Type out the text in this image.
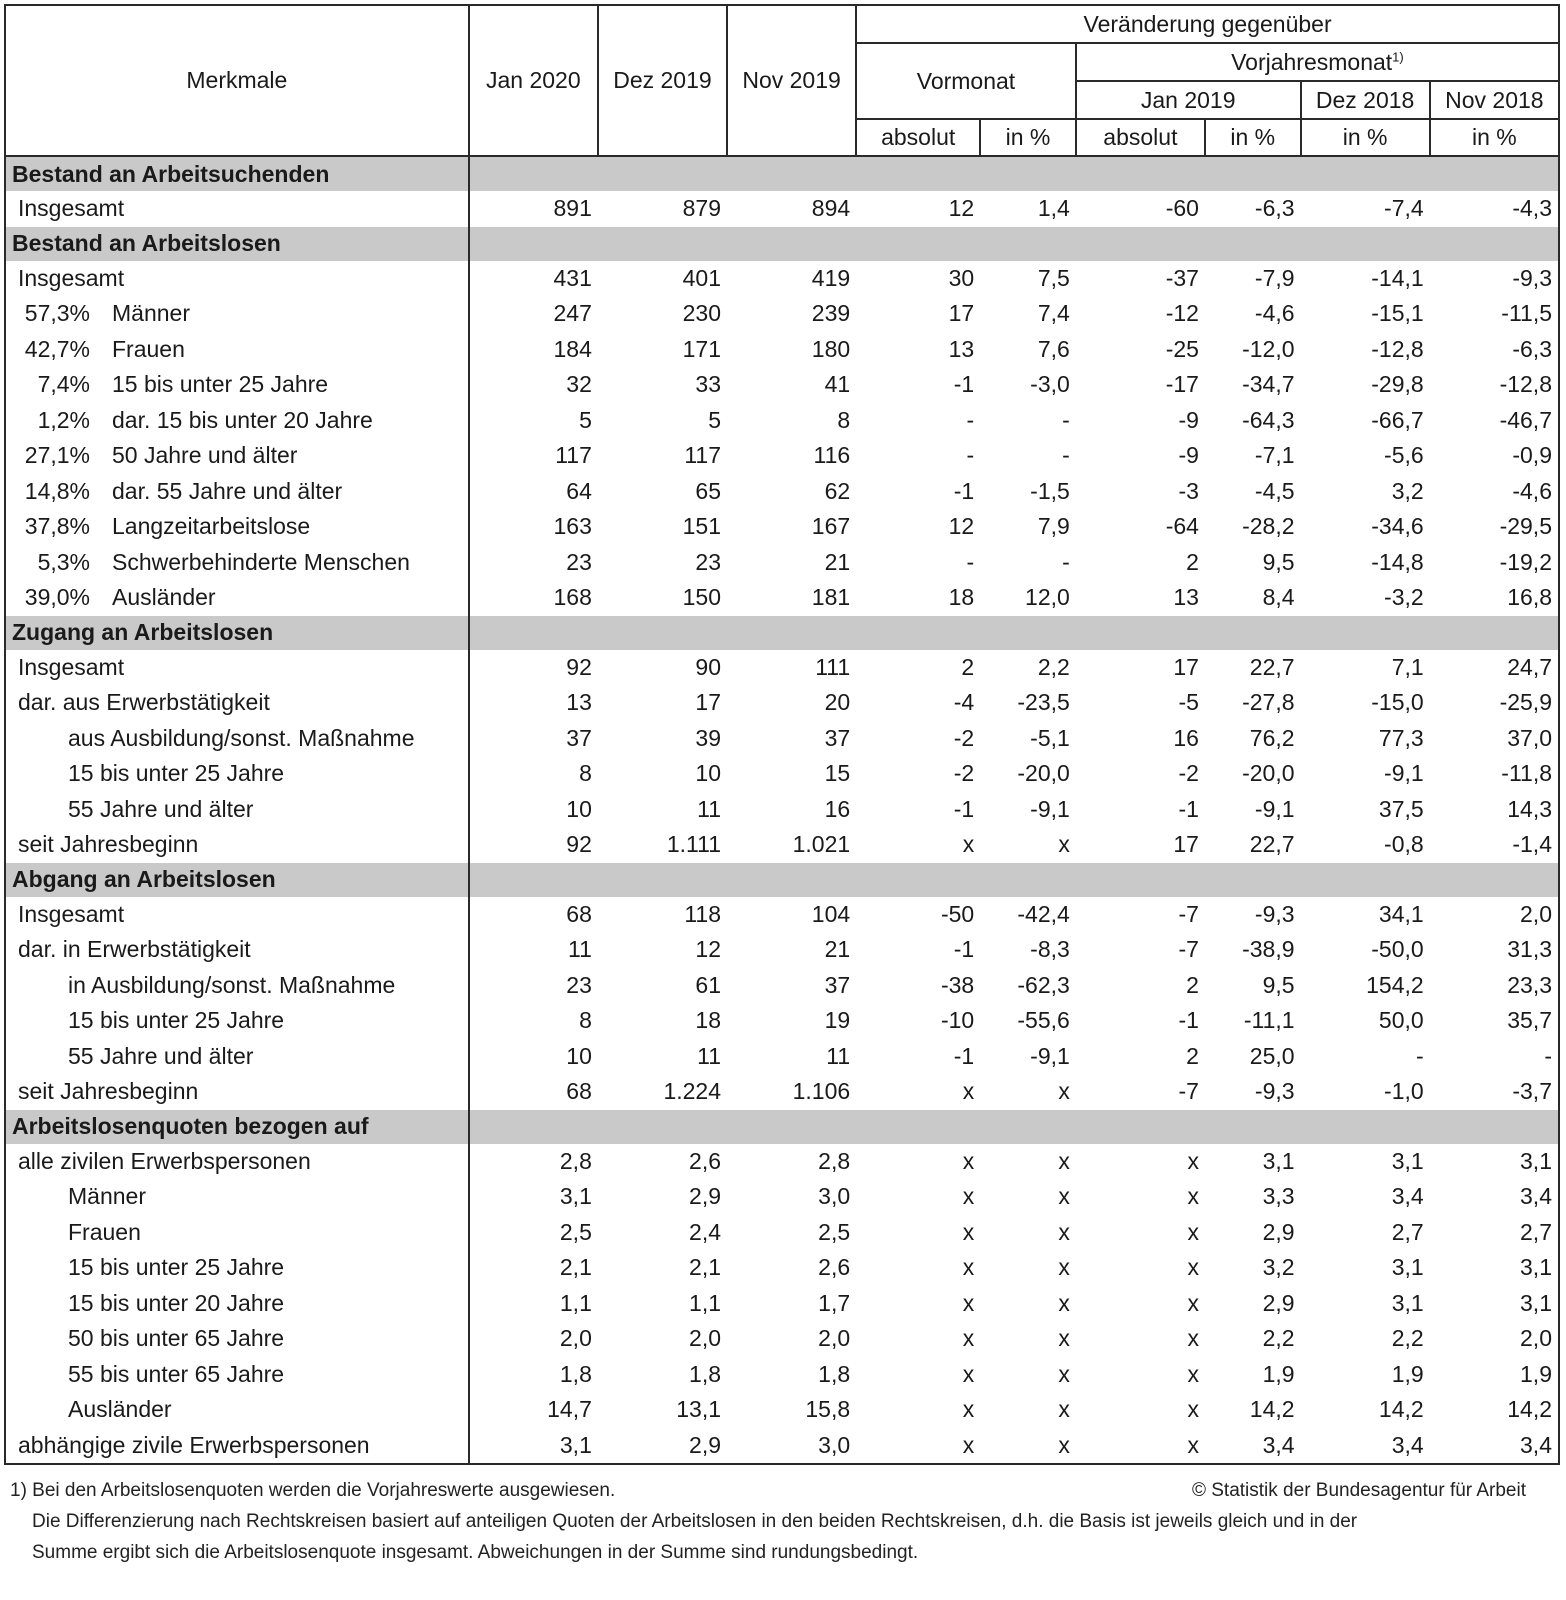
Merkmale	Jan 2020	Dez 2019	Nov 2019	Veränderung gegenüber					
				Vormonat		Vorjahresmonat$^{1)}$
						Jan 2019		Dez 2018	Nov 2018
				absolut	in %	absolut	in %	in %	in %
Bestand an Arbeitsuchenden									
Insgesamt	891	879	894	12	1,4	-60	-6,3	-7,4	-4,3
Bestand an Arbeitslosen									
Insgesamt	431	401	419	30	7,5	-37	-7,9	-14,1	-9,3
57,3% Männer	247	230	239	17	7,4	-12	-4,6	-15,1	-11,5
42,7% Frauen	184	171	180	13	7,6	-25	-12,0	-12,8	-6,3
7,4% 15 bis unter 25 Jahre	32	33	41	-1	-3,0	-17	-34,7	-29,8	-12,8
1,2% dar. 15 bis unter 20 Jahre	5	5	8	-	-	-9	-64,3	-66,7	-46,7
27,1% 50 Jahre und älter	117	117	116	-	-	-9	-7,1	-5,6	-0,9
14,8% dar. 55 Jahre und älter	64	65	62	-1	-1,5	-3	-4,5	3,2	-4,6
37,8% Langzeitarbeitslose	163	151	167	12	7,9	-64	-28,2	-34,6	-29,5
5,3% Schwerbehinderte Menschen	23	23	21	-	-	2	9,5	-14,8	-19,2
39,0% Ausländer	168	150	181	18	12,0	13	8,4	-3,2	16,8
Zugang an Arbeitslosen									
Insgesamt	92	90	111	2	2,2	17	22,7	7,1	24,7
dar. aus Erwerbstätigkeit	13	17	20	-4	-23,5	-5	-27,8	-15,0	-25,9
aus Ausbildung/sonst. Maßnahme	37	39	37	-2	-5,1	16	76,2	77,3	37,0
15 bis unter 25 Jahre	8	10	15	-2	-20,0	-2	-20,0	-9,1	-11,8
55 Jahre und älter	10	11	16	-1	-9,1	-1	-9,1	37,5	14,3
seit Jahresbeginn	92	1.111	1.021	x	x	17	22,7	-0,8	-1,4
Abgang an Arbeitslosen									
Insgesamt	68	118	104	-50	-42,4	-7	-9,3	34,1	2,0
dar. in Erwerbstätigkeit	11	12	21	-1	-8,3	-7	-38,9	-50,0	31,3
in Ausbildung/sonst. Maßnahme	23	61	37	-38	-62,3	2	9,5	154,2	23,3
15 bis unter 25 Jahre	8	18	19	-10	-55,6	-1	-11,1	50,0	35,7
55 Jahre und älter	10	11	11	-1	-9,1	2	25,0	-	-
seit Jahresbeginn	68	1.224	1.106	x	x	-7	-9,3	-1,0	-3,7
Arbeitslosenquoten bezogen auf									
alle zivilen Erwerbspersonen	2,8	2,6	2,8	x	x	x	3,1	3,1	3,1
Männer	3,1	2,9	3,0	x	x	x	3,3	3,4	3,4
Frauen	2,5	2,4	2,5	x	x	x	2,9	2,7	2,7
15 bis unter 25 Jahre	2,1	2,1	2,6	x	x	x	3,2	3,1	3,1
15 bis unter 20 Jahre	1,1	1,1	1,7	x	x	x	2,9	3,1	3,1
50 bis unter 65 Jahre	2,0	2,0	2,0	x	x	x	2,2	2,2	2,0
55 bis unter 65 Jahre	1,8	1,8	1,8	x	x	x	1,9	1,9	1,9
Ausländer	14,7	13,1	15,8	x	x	x	14,2	14,2	14,2
abhängige zivile Erwerbspersonen	3,1	2,9	3,0	x	x	x	3,4	3,4	3,4
1) Bei den Arbeitslosenquoten werden die Vorjahreswerte ausgewiesen.	© Statistik der Bundesagentur für Arbeit
Die Differenzierung nach Rechtskreisen basiert auf anteiligen Quoten der Arbeitslosen in den beiden Rechtskreisen, d.h. die Basis ist jeweils gleich und in der
Summe ergibt sich die Arbeitslosenquote insgesamt. Abweichungen in der Summe sind rundungsbedingt.
